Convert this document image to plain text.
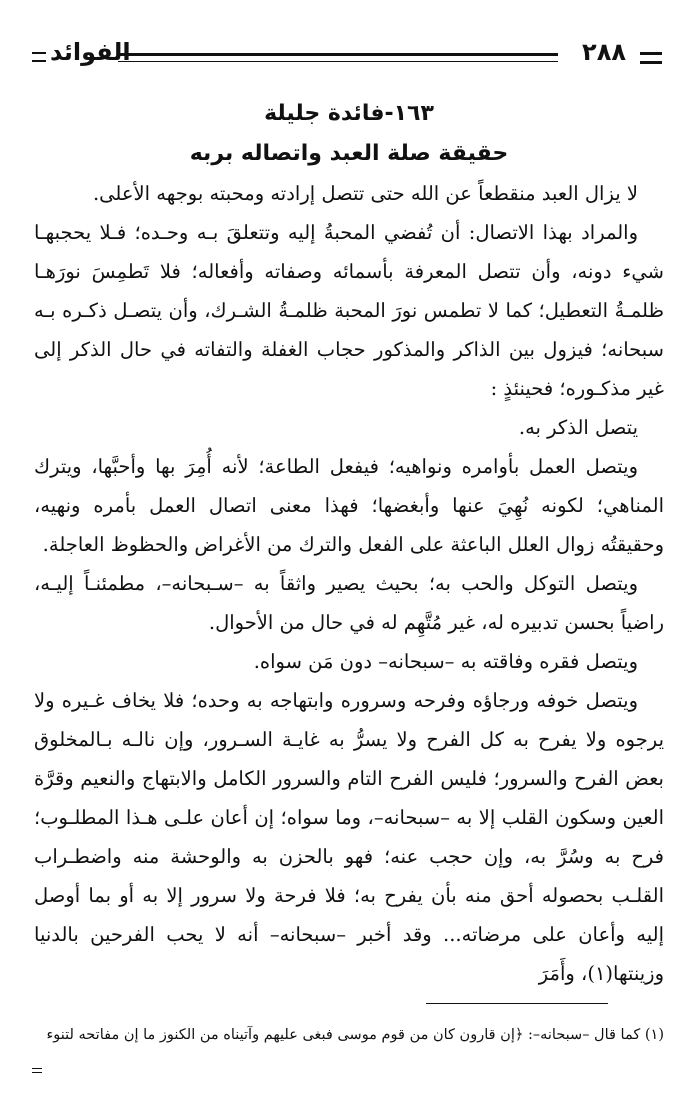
الفوائد	٢٨٨
١٦٣-فائدة جليلة
حقيقة صلة العبد واتصاله بربه

لا يزال العبد منقطعاً عن الله حتى تتصل إرادته ومحبته بوجهه الأعلى.

والمراد بهذا الاتصال: أن تُفضي المحبةُ إليه وتتعلقَ بـه وحـده؛ فـلا يحجبهـا شيء دونه، وأن تتصل المعرفة بأسمائه وصفاته وأفعاله؛ فلا تَطمِسَ نورَهـا ظلمـةُ التعطيل؛ كما لا تطمس نورَ المحبة ظلمـةُ الشـرك، وأن يتصـل ذكـره بـه سبحانه؛ فيزول بين الذاكر والمذكور حجاب الغفلة والتفاته في حال الذكر إلى غير مذكـوره؛ فحينئذٍ :

يتصل الذكر به.

ويتصل العمل بأوامره ونواهيه؛ فيفعل الطاعة؛ لأنه أُمِرَ بها وأحبَّها، ويترك المناهي؛ لكونه نُهِيَ عنها وأبغضها؛ فهذا معنى اتصال العمل بأمره ونهيه، وحقيقتُه زوال العلل الباعثة على الفعل والترك من الأغراض والحظوظ العاجلة.

ويتصل التوكل والحب به؛ بحيث يصير واثقاً به –سـبحانه–، مطمئنـاً إليـه، راضياً بحسن تدبيره له، غير مُتَّهِم له في حال من الأحوال.

ويتصل فقره وفاقته به –سبحانه– دون مَن سواه.

ويتصل خوفه ورجاؤه وفرحه وسروره وابتهاجه به وحده؛ فلا يخاف غـيره ولا يرجوه ولا يفرح به كل الفرح ولا يسرُّ به غايـة السـرور، وإن نالـه بـالمخلوق بعض الفرح والسرور؛ فليس الفرح التام والسرور الكامل والابتهاج والنعيم وقرَّة العين وسكون القلب إلا به –سبحانه–، وما سواه؛ إن أعان علـى هـذا المطلـوب؛ فرح به وسُرَّ به، وإن حجب عنه؛ فهو بالحزن به والوحشة منه واضطـراب القلـب بحصوله أحق منه بأن يفرح به؛ فلا فرحة ولا سرور إلا به أو بما أوصل إليه وأعان على مرضاته... وقد أخبر –سبحانه– أنه لا يحب الفرحين بالدنيا وزينتها(١)، وأَمَرَ

(١) كما قال –سبحانه–: ﴿إن قارون كان من قوم موسى فبغى عليهم وآتيناه من الكنوز ما إن مفاتحه لتنوء
